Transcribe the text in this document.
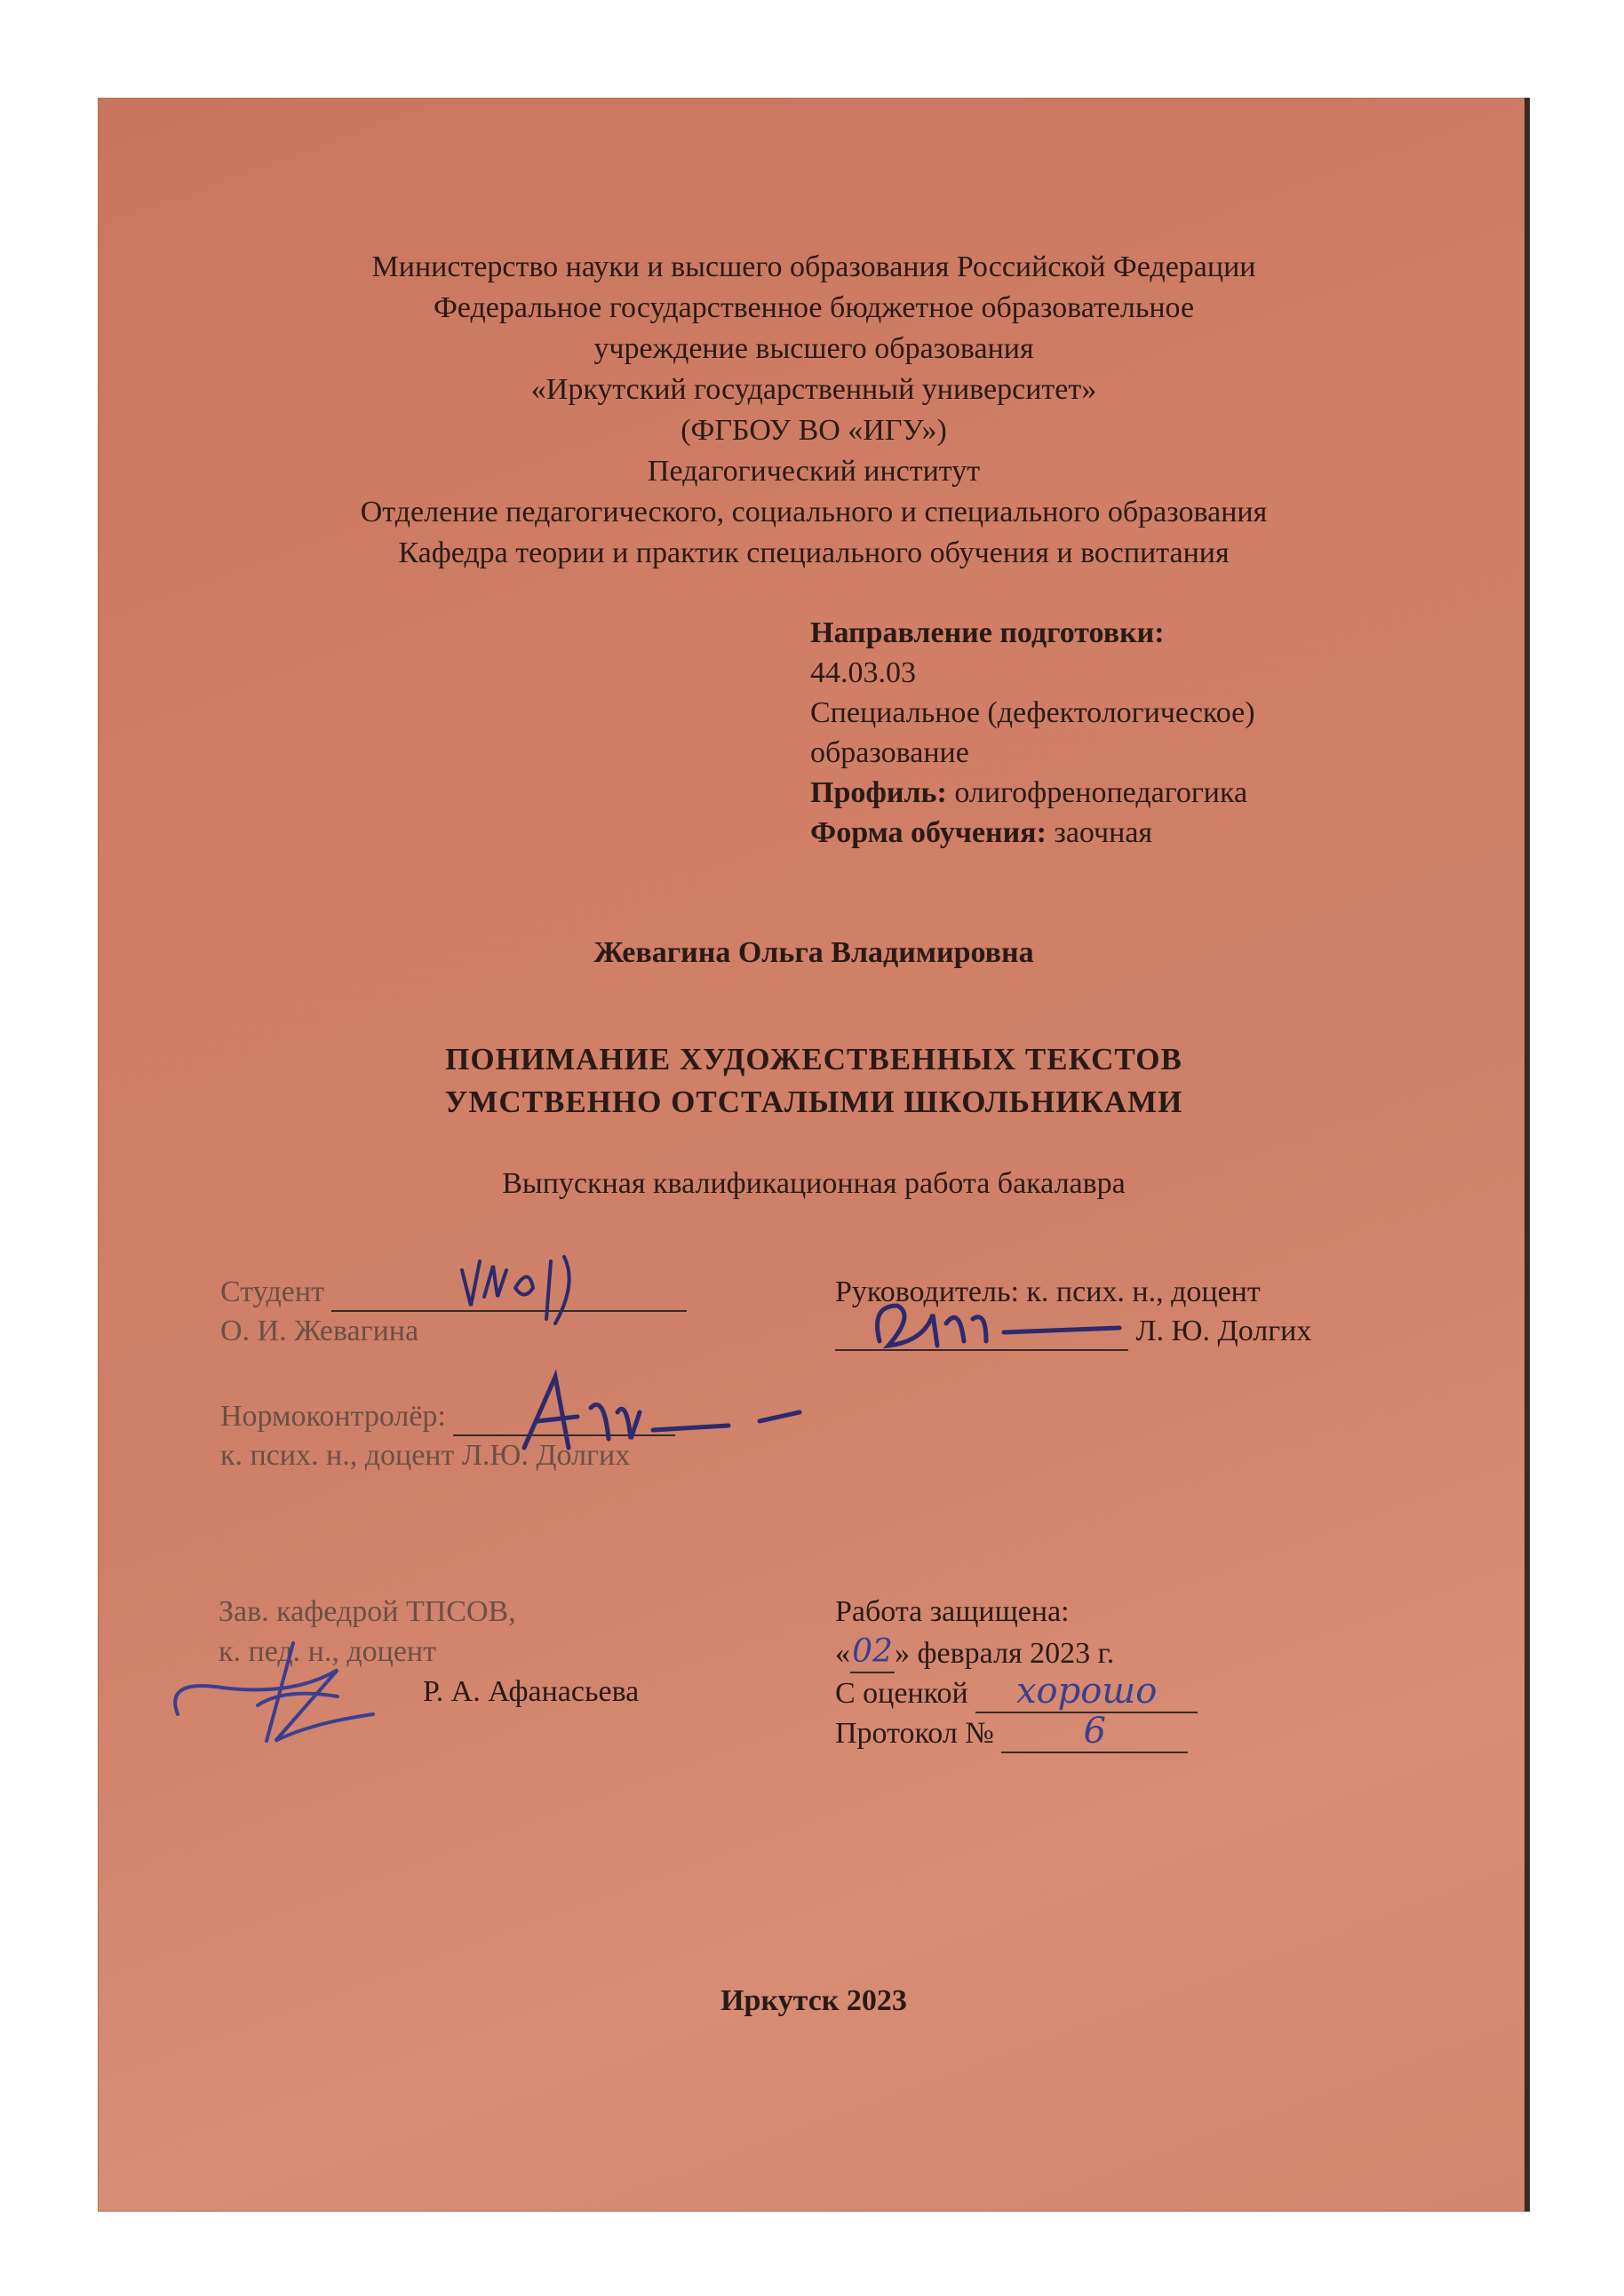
Министерство науки и высшего образования Российской Федерации
Федеральное государственное бюджетное образовательное
учреждение высшего образования
«Иркутский государственный университет»
(ФГБОУ ВО «ИГУ»)
Педагогический институт
Отделение педагогического, социального и специального образования
Кафедра теории и практик специального обучения и воспитания
Направление подготовки:
44.03.03
Специальное (дефектологическое)
образование
Профиль: олигофренопедагогика
Форма обучения: заочная
Жевагина Ольга Владимировна
ПОНИМАНИЕ ХУДОЖЕСТВЕННЫХ ТЕКСТОВ
УМСТВЕННО ОТСТАЛЫМИ ШКОЛЬНИКАМИ
Выпускная квалификационная работа бакалавра
Студент
О. И. Жевагина
Руководитель: к. псих. н., доцент
Л. Ю. Долгих
Нормоконтролёр:
к. псих. н., доцент Л.Ю. Долгих
Зав. кафедрой ТПСОВ,
к. пед. н., доцент
Р. А. Афанасьева
Работа защищена:
«02» февраля 2023 г.
С оценкой хорошо
Протокол №	6
Иркутск 2023
